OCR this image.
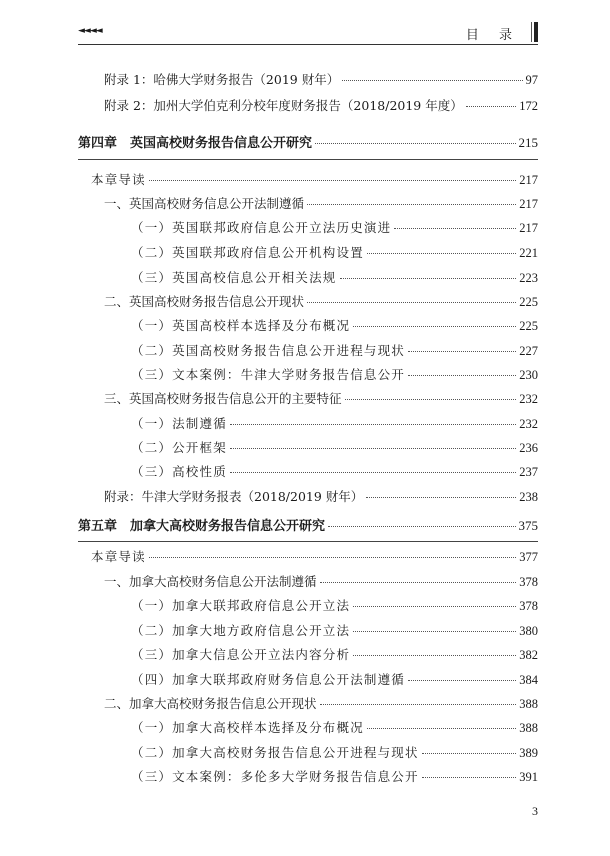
◄◄◄◄	目 录
附录 1：哈佛大学财务报告（2019 财年）	97
附录 2：加州大学伯克利分校年度财务报告（2018/2019 年度）	172
第四章　英国高校财务报告信息公开研究	215
本章导读	217
一、英国高校财务信息公开法制遵循	217
（一）英国联邦政府信息公开立法历史演进	217
（二）英国联邦政府信息公开机构设置	221
（三）英国高校信息公开相关法规	223
二、英国高校财务报告信息公开现状	225
（一）英国高校样本选择及分布概况	225
（二）英国高校财务报告信息公开进程与现状	227
（三）文本案例：牛津大学财务报告信息公开	230
三、英国高校财务报告信息公开的主要特征	232
（一）法制遵循	232
（二）公开框架	236
（三）高校性质	237
附录：牛津大学财务报表（2018/2019 财年）	238
第五章　加拿大高校财务报告信息公开研究	375
本章导读	377
一、加拿大高校财务信息公开法制遵循	378
（一）加拿大联邦政府信息公开立法	378
（二）加拿大地方政府信息公开立法	380
（三）加拿大信息公开立法内容分析	382
（四）加拿大联邦政府财务信息公开法制遵循	384
二、加拿大高校财务报告信息公开现状	388
（一）加拿大高校样本选择及分布概况	388
（二）加拿大高校财务报告信息公开进程与现状	389
（三）文本案例：多伦多大学财务报告信息公开	391
3
